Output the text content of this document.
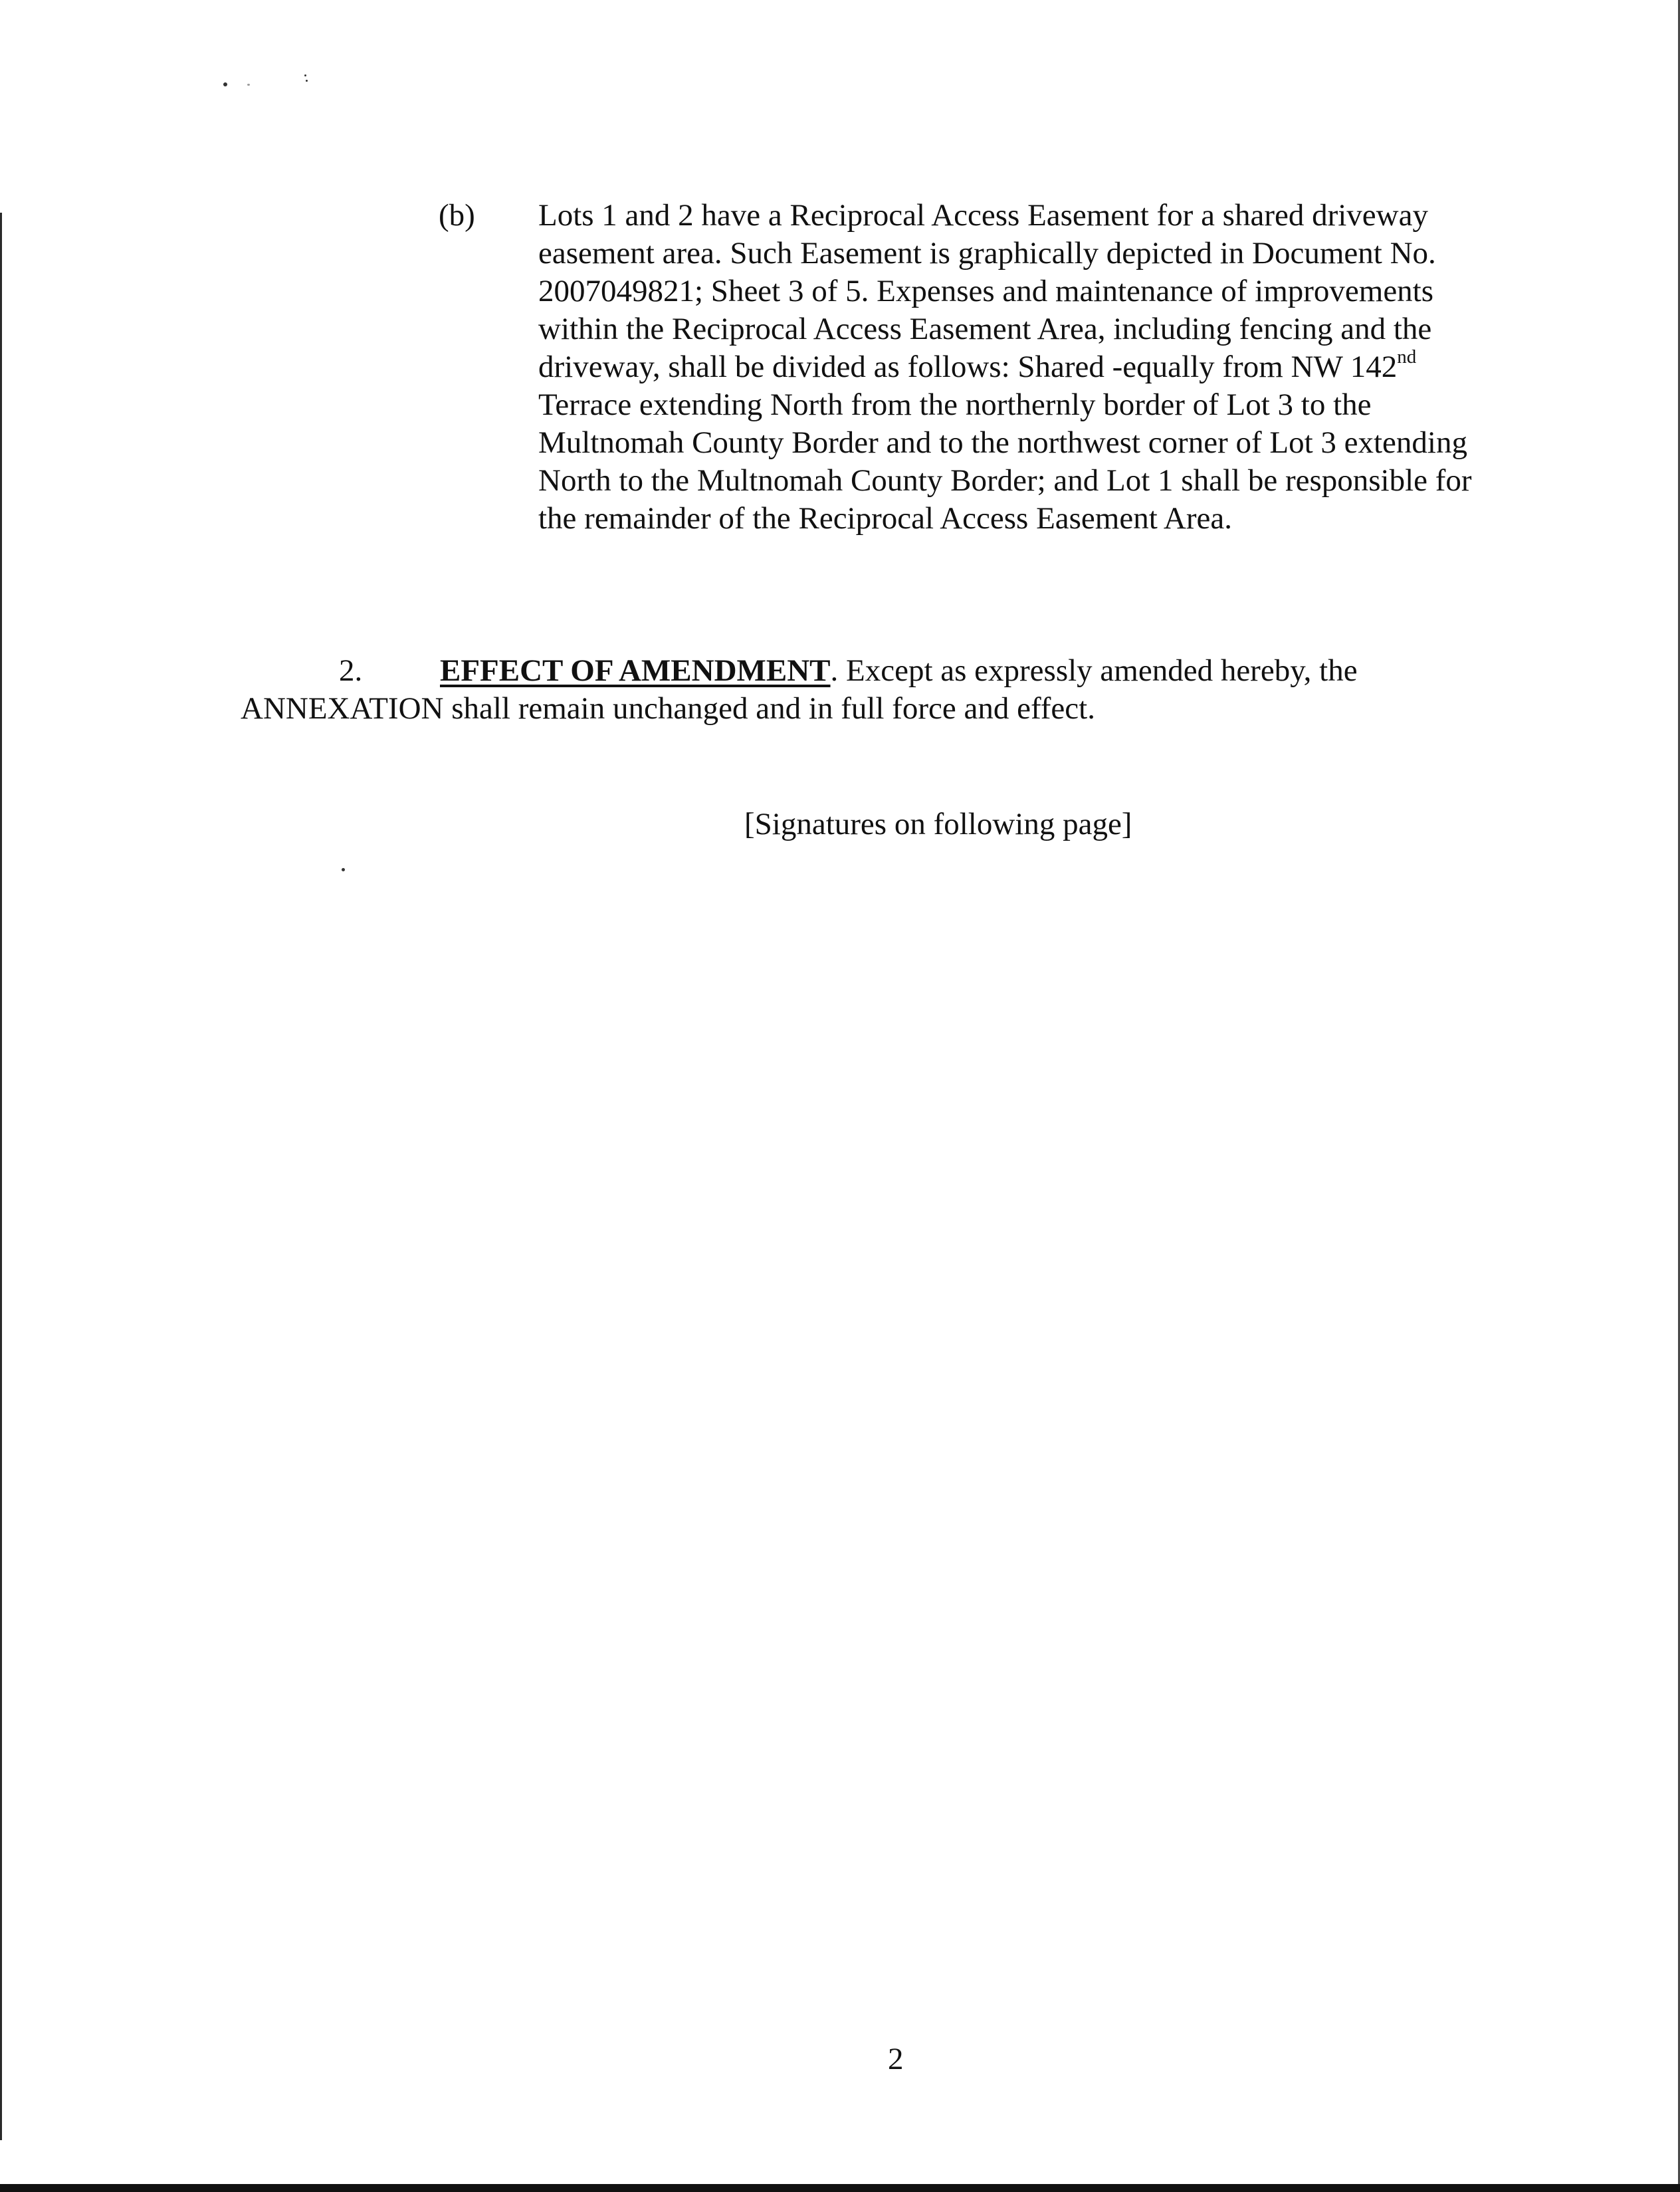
(b) Lots 1 and 2 have a Reciprocal Access Easement for a shared driveway
easement area. Such Easement is graphically depicted in Document No.
2007049821; Sheet 3 of 5. Expenses and maintenance of improvements
within the Reciprocal Access Easement Area, including fencing and the
driveway, shall be divided as follows: Shared -equally from NW 142nd
Terrace extending North from the northernly border of Lot 3 to the
Multnomah County Border and to the northwest corner of Lot 3 extending
North to the Multnomah County Border; and Lot 1 shall be responsible for
the remainder of the Reciprocal Access Easement Area.
2. EFFECT OF AMENDMENT. Except as expressly amended hereby, the
ANNEXATION shall remain unchanged and in full force and effect.
[Signatures on following page]
2
